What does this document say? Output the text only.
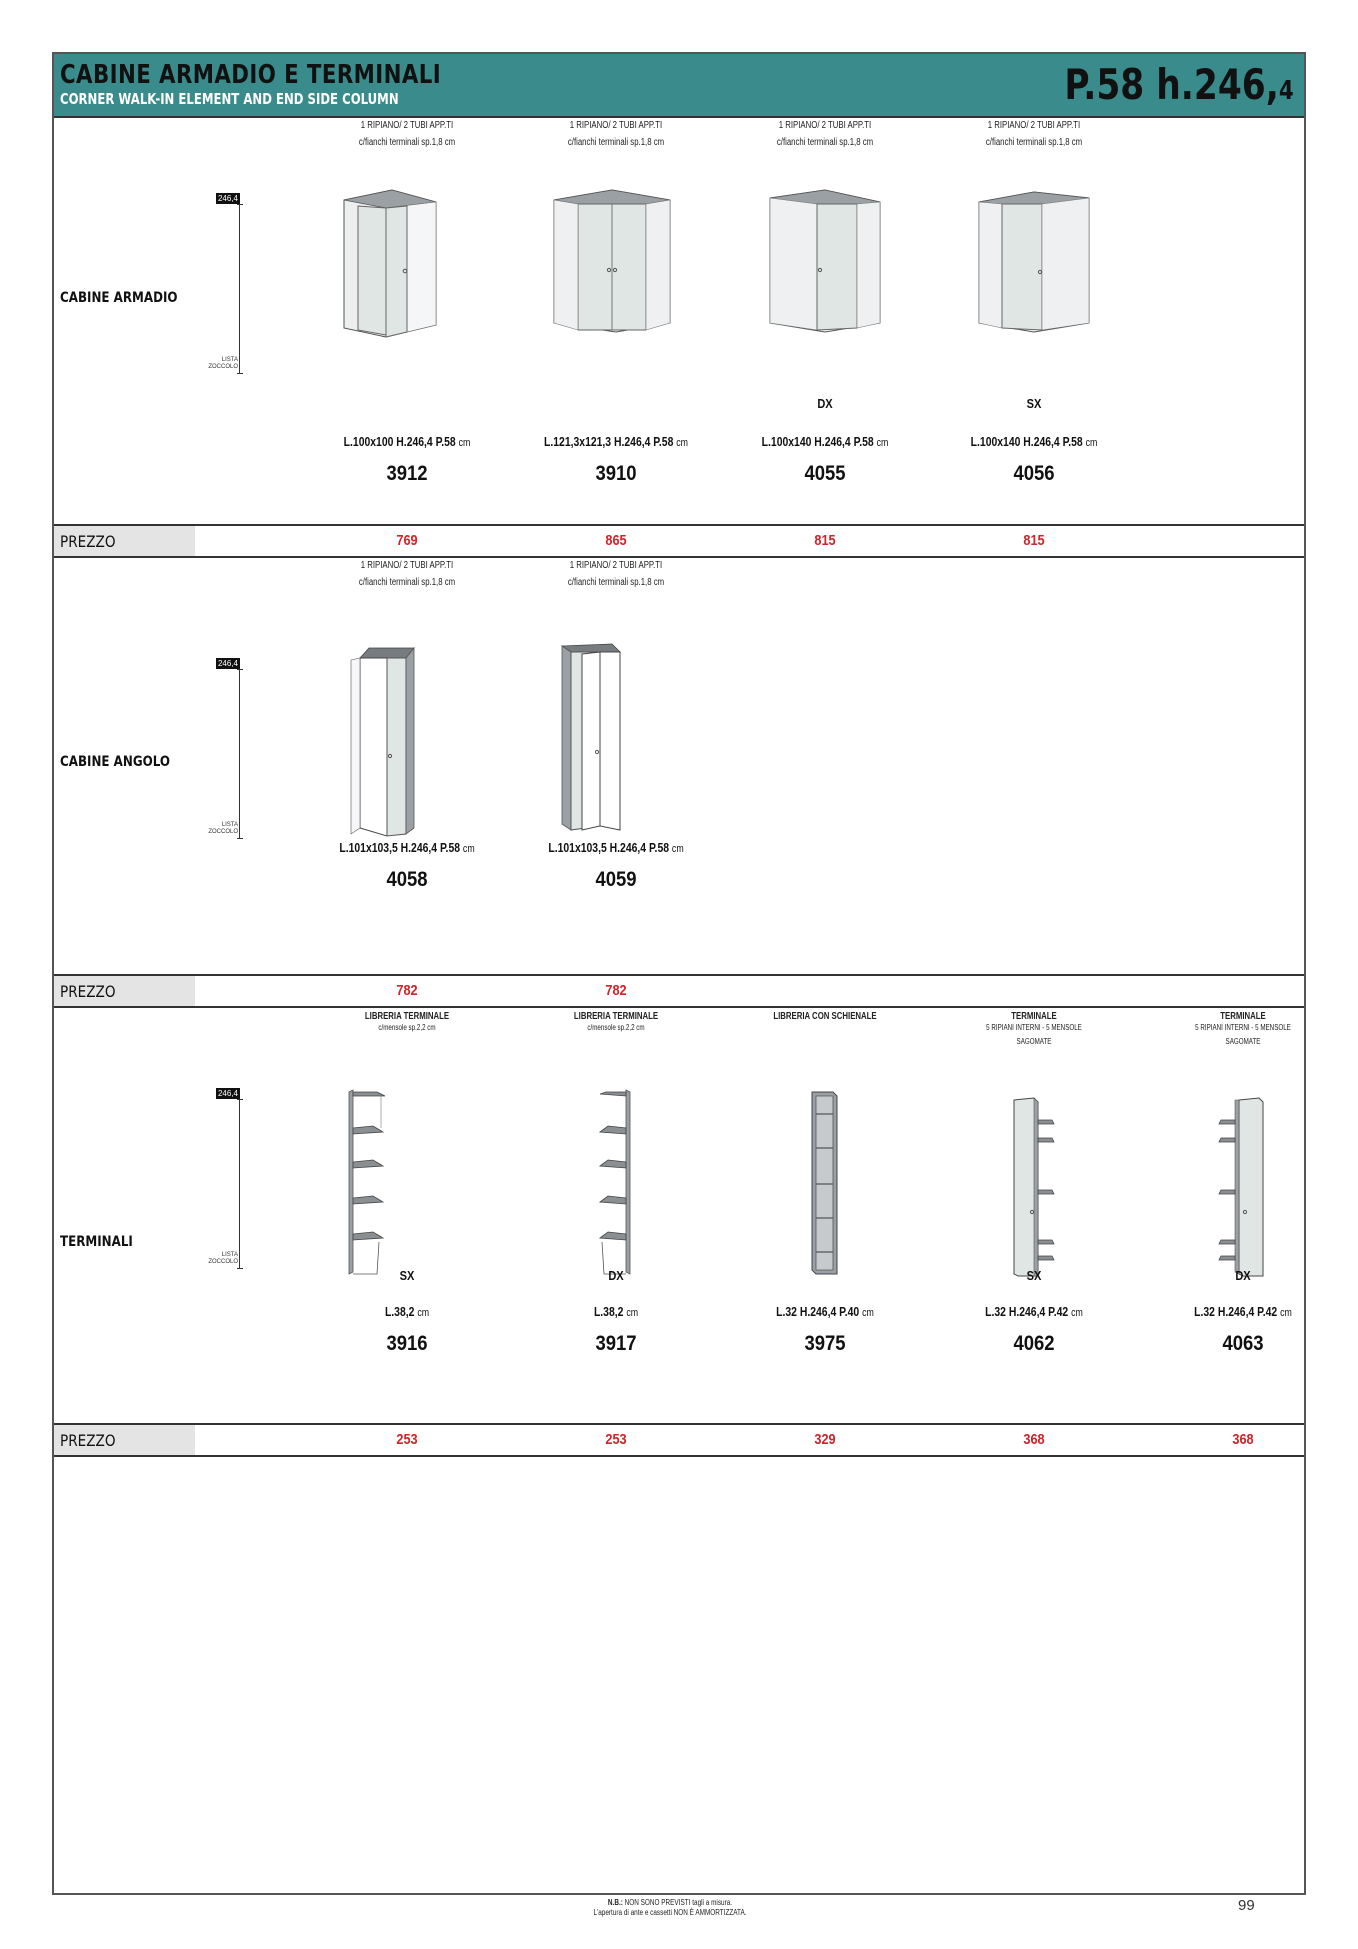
CABINE ARMADIO E TERMINALI
CORNER WALK-IN ELEMENT AND END SIDE COLUMN	P.58 h.246,4
CABINE ARMADIO
246,4
LISTA
ZOCCOLO
1 RIPIANO/ 2 TUBI APP.TI
c/fianchi terminali sp.1,8 cm
L.100x100 H.246,4 P.58 cm
3912
1 RIPIANO/ 2 TUBI APP.TI
c/fianchi terminali sp.1,8 cm
L.121,3x121,3 H.246,4 P.58 cm
3910
1 RIPIANO/ 2 TUBI APP.TI
c/fianchi terminali sp.1,8 cm
DX
L.100x140 H.246,4 P.58 cm
4055
1 RIPIANO/ 2 TUBI APP.TI
c/fianchi terminali sp.1,8 cm
SX
L.100x140 H.246,4 P.58 cm
4056
PREZZO	769	865	815	815
CABINE ANGOLO
246,4
LISTA
ZOCCOLO
1 RIPIANO/ 2 TUBI APP.TI
c/fianchi terminali sp.1,8 cm
L.101x103,5 H.246,4 P.58 cm
4058
1 RIPIANO/ 2 TUBI APP.TI
c/fianchi terminali sp.1,8 cm
L.101x103,5 H.246,4 P.58 cm
4059
PREZZO	782	782
TERMINALI
246,4
LISTA
ZOCCOLO
LIBRERIA TERMINALE
c/mensole sp.2,2 cm
SX
L.38,2 cm
3916
LIBRERIA TERMINALE
c/mensole sp.2,2 cm
DX
L.38,2 cm
3917
LIBRERIA CON SCHIENALE
L.32 H.246,4 P.40 cm
3975
TERMINALE
5 RIPIANI INTERNI - 5 MENSOLE
SAGOMATE
SX
L.32 H.246,4 P.42 cm
4062
TERMINALE
5 RIPIANI INTERNI - 5 MENSOLE
SAGOMATE
DX
L.32 H.246,4 P.42 cm
4063
PREZZO	253	253	329	368	368
N.B.: NON SONO PREVISTI tagli a misura.
L'apertura di ante e cassetti NON È AMMORTIZZATA.	99
